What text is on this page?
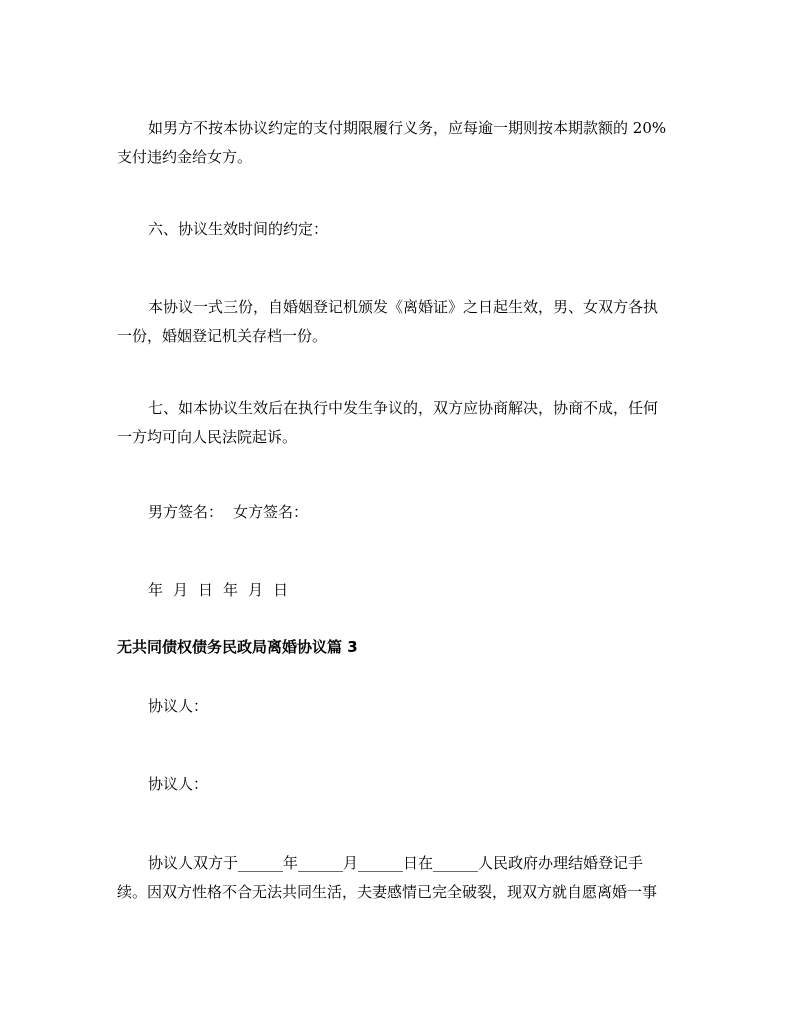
如男方不按本协议约定的支付期限履行义务，应每逾一期则按本期款额的 20%
支付违约金给女方。

六、协议生效时间的约定：

本协议一式三份，自婚姻登记机颁发《离婚证》之日起生效，男、女双方各执
一份，婚姻登记机关存档一份。

七、如本协议生效后在执行中发生争议的，双方应协商解决，协商不成，任何
一方均可向人民法院起诉。

男方签名： 女方签名：

年 月 日 年 月 日

无共同债权债务民政局离婚协议篇 3

协议人：

协议人：

协议人双方于______年______月______日在______人民政府办理结婚登记手
续。因双方性格不合无法共同生活，夫妻感情已完全破裂，现双方就自愿离婚一事
